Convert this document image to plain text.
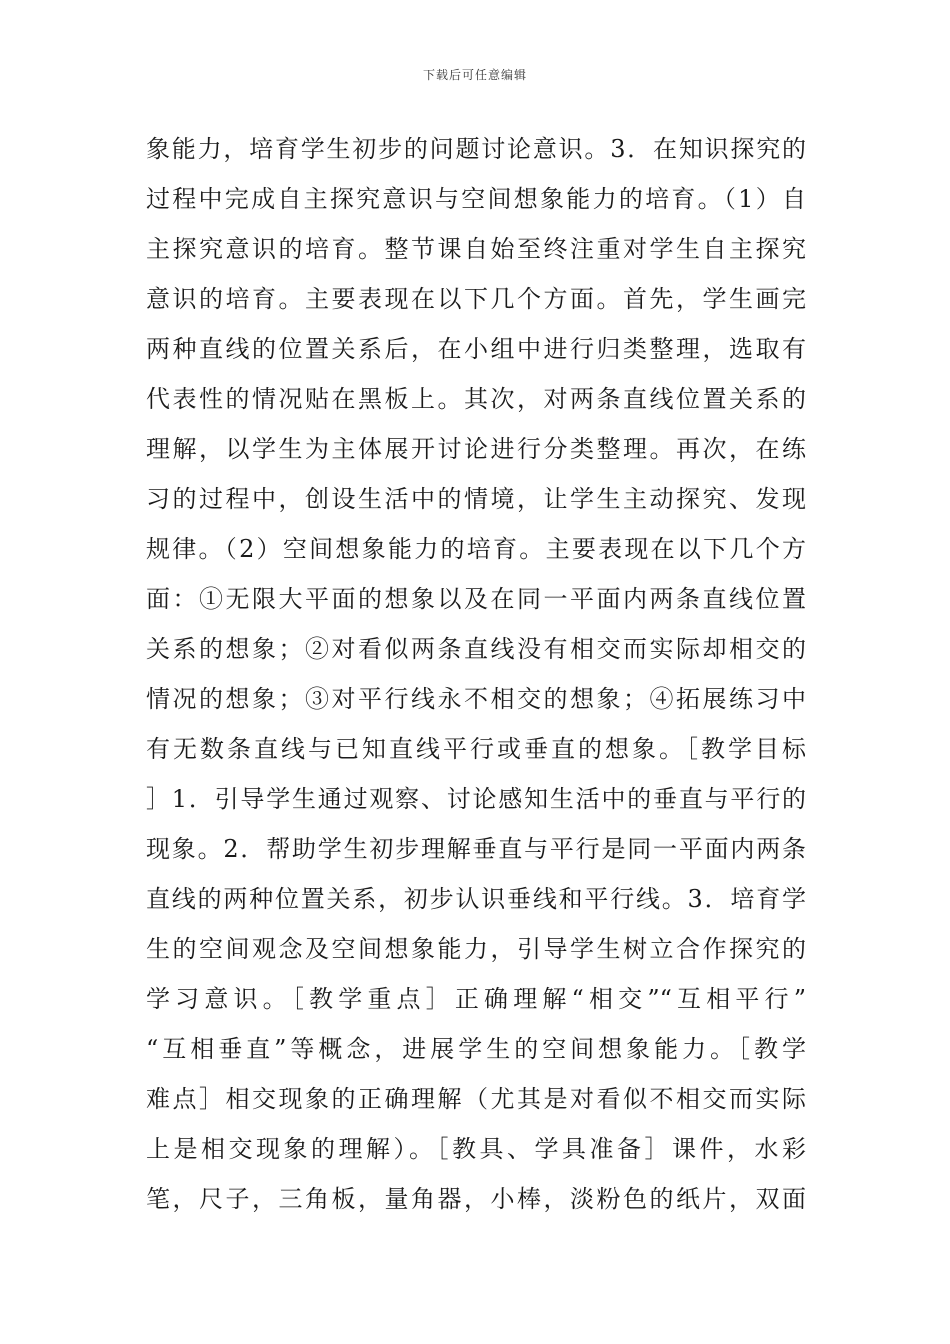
下载后可任意编辑
象能力，培育学生初步的问题讨论意识。3．在知识探究的
过程中完成自主探究意识与空间想象能力的培育。（1）自
主探究意识的培育。整节课自始至终注重对学生自主探究
意识的培育。主要表现在以下几个方面。首先，学生画完
两种直线的位置关系后，在小组中进行归类整理，选取有
代表性的情况贴在黑板上。其次，对两条直线位置关系的
理解，以学生为主体展开讨论进行分类整理。再次，在练
习的过程中，创设生活中的情境，让学生主动探究、发现
规律。（2）空间想象能力的培育。主要表现在以下几个方
面：①无限大平面的想象以及在同一平面内两条直线位置
关系的想象；②对看似两条直线没有相交而实际却相交的
情况的想象；③对平行线永不相交的想象；④拓展练习中
有无数条直线与已知直线平行或垂直的想象。［教学目标
］1．引导学生通过观察、讨论感知生活中的垂直与平行的
现象。2．帮助学生初步理解垂直与平行是同一平面内两条
直线的两种位置关系，初步认识垂线和平行线。3．培育学
生的空间观念及空间想象能力，引导学生树立合作探究的
学习意识。［教学重点］正确理解“相交”“互相平行”
“互相垂直”等概念，进展学生的空间想象能力。［教学
难点］相交现象的正确理解（尤其是对看似不相交而实际
上是相交现象的理解）。［教具、学具准备］课件，水彩
笔，尺子，三角板，量角器，小棒，淡粉色的纸片，双面
